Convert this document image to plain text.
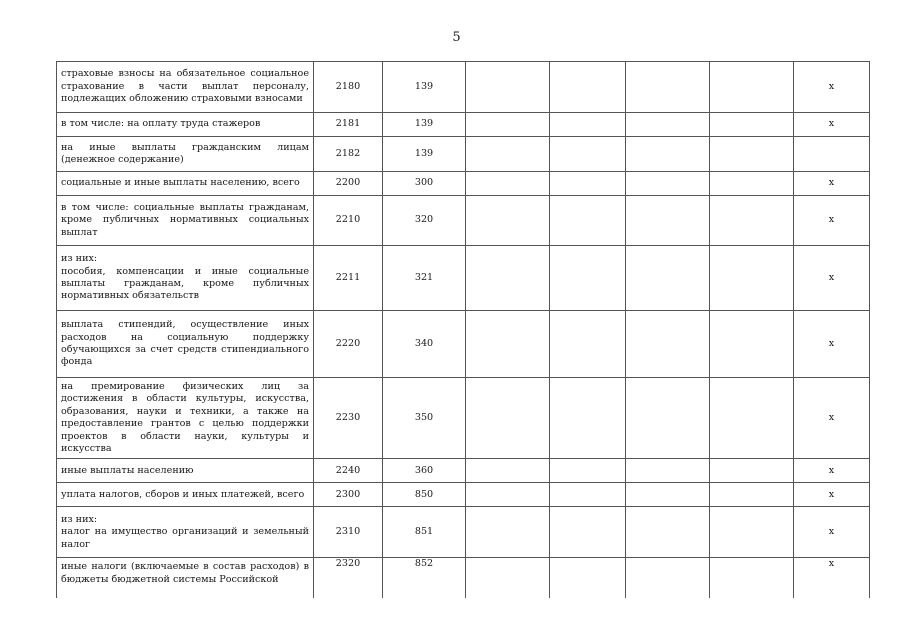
5
страховые взносы на обязательное социальное страхование в части выплат персоналу, подлежащих обложению страховыми взносами	2180	139					x

в том числе: на оплату труда стажеров	2181	139					x

на иные выплаты гражданским лицам (денежное содержание)	2182	139					

социальные и иные выплаты населению, всего	2200	300					x

в том числе: социальные выплаты гражданам, кроме публичных нормативных социальных выплат	2210	320					x

из них:
пособия, компенсации и иные социальные выплаты гражданам, кроме публичных нормативных обязательств	2211	321					x

выплата стипендий, осуществление иных расходов на социальную поддержку обучающихся за счет средств стипендиального фонда	2220	340					x

на премирование физических лиц за достижения в области культуры, искусства, образования, науки и техники, а также на предоставление грантов с целью поддержки проектов в области науки, культуры и искусства	2230	350					x

иные выплаты населению	2240	360					x

уплата налогов, сборов и иных платежей, всего	2300	850					x

из них:
налог на имущество организаций и земельный налог	2310	851					x

иные налоги (включаемые в состав расходов) в бюджеты бюджетной системы Российской	2320	852					x
